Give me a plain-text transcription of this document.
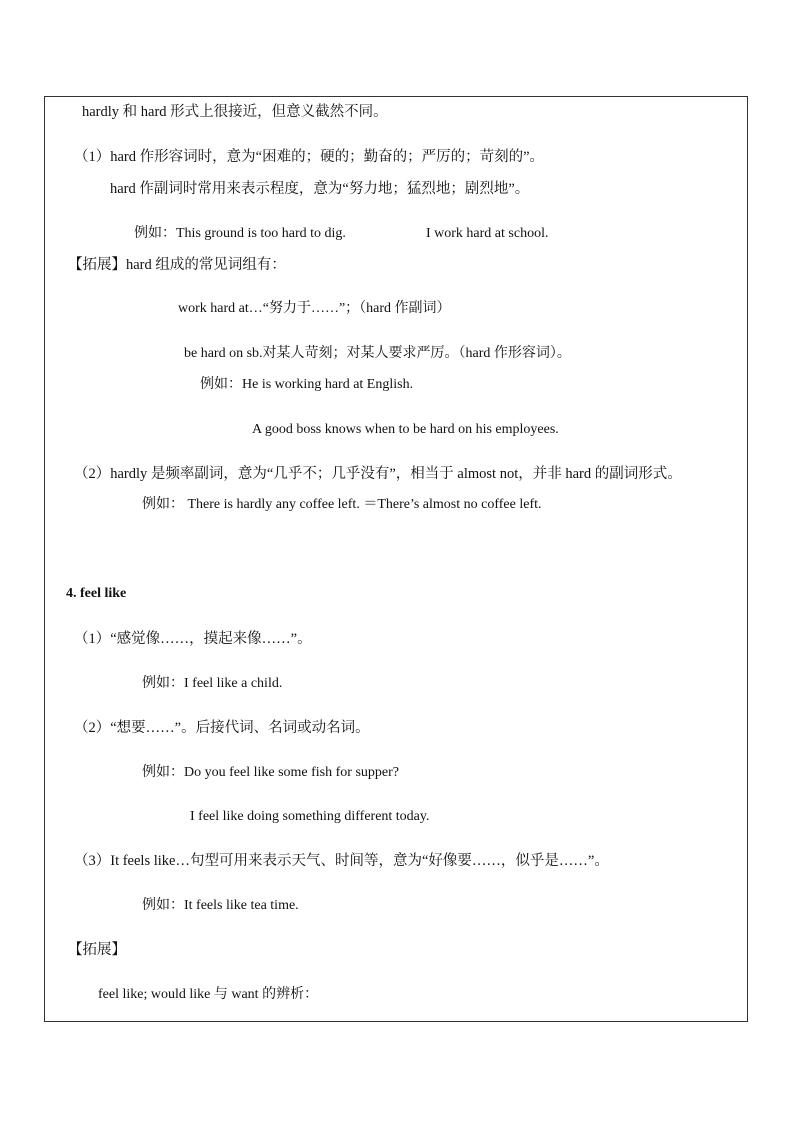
hardly 和 hard 形式上很接近，但意义截然不同。
（1）hard 作形容词时，意为“困难的；硬的；勤奋的；严厉的；苛刻的”。
hard 作副词时常用来表示程度，意为“努力地；猛烈地；剧烈地”。
例如：This ground is too hard to dig.	I work hard at school.
【拓展】hard 组成的常见词组有：
work hard at…“努力于……”；（hard 作副词）
be hard on sb.对某人苛刻；对某人要求严厉。（hard 作形容词）。
例如：He is working hard at English.
A good boss knows when to be hard on his employees.
（2）hardly 是频率副词，意为“几乎不；几乎没有”，相当于 almost not，并非 hard 的副词形式。
例如： There is hardly any coffee left. ＝There’s almost no coffee left.
4. feel like
（1）“感觉像……，摸起来像……”。
例如：I feel like a child.
（2）“想要……”。后接代词、名词或动名词。
例如：Do you feel like some fish for supper?
I feel like doing something different today.
（3）It feels like…句型可用来表示天气、时间等，意为“好像要……，似乎是……”。
例如：It feels like tea time.
【拓展】
feel like; would like 与 want 的辨析：
